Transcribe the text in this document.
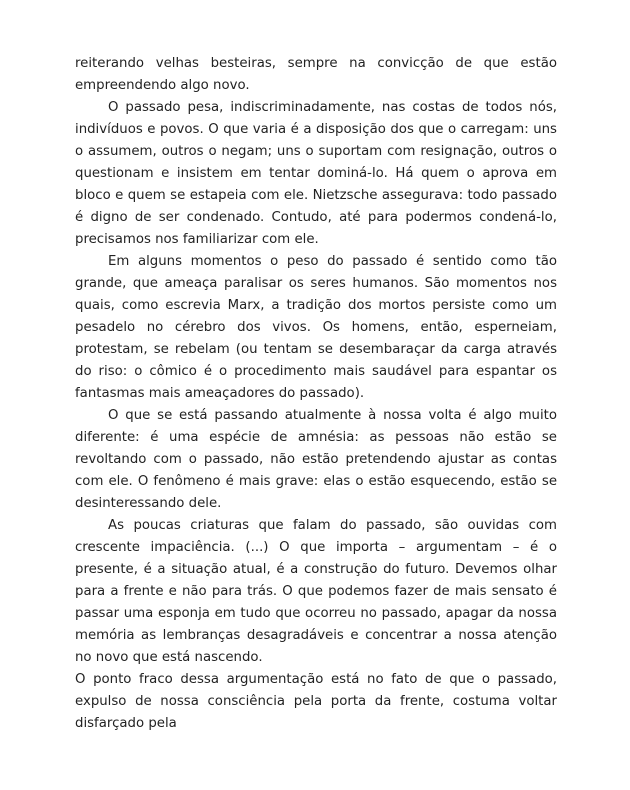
reiterando velhas besteiras, sempre na convicção de que estão empreendendo algo novo.

O passado pesa, indiscriminadamente, nas costas de todos nós, indivíduos e povos. O que varia é a disposição dos que o carregam: uns o assumem, outros o negam; uns o suportam com resignação, outros o questionam e insistem em tentar dominá-lo. Há quem o aprova em bloco e quem se estapeia com ele. Nietzsche assegurava: todo passado é digno de ser condenado. Contudo, até para podermos condená-lo, precisamos nos familiarizar com ele.

Em alguns momentos o peso do passado é sentido como tão grande, que ameaça paralisar os seres humanos. São momentos nos quais, como escrevia Marx, a tradição dos mortos persiste como um pesadelo no cérebro dos vivos. Os homens, então, esperneiam, protestam, se rebelam (ou tentam se desembaraçar da carga através do riso: o cômico é o procedimento mais saudável para espantar os fantasmas mais ameaçadores do passado).

O que se está passando atualmente à nossa volta é algo muito diferente: é uma espécie de amnésia: as pessoas não estão se revoltando com o passado, não estão pretendendo ajustar as contas com ele. O fenômeno é mais grave: elas o estão esquecendo, estão se desinteressando dele.

As poucas criaturas que falam do passado, são ouvidas com crescente impaciência. (...) O que importa – argumentam – é o presente, é a situação atual, é a construção do futuro. Devemos olhar para a frente e não para trás. O que podemos fazer de mais sensato é passar uma esponja em tudo que ocorreu no passado, apagar da nossa memória as lembranças desagradáveis e concentrar a nossa atenção no novo que está nascendo.

O ponto fraco dessa argumentação está no fato de que o passado, expulso de nossa consciência pela porta da frente, costuma voltar disfarçado pela
